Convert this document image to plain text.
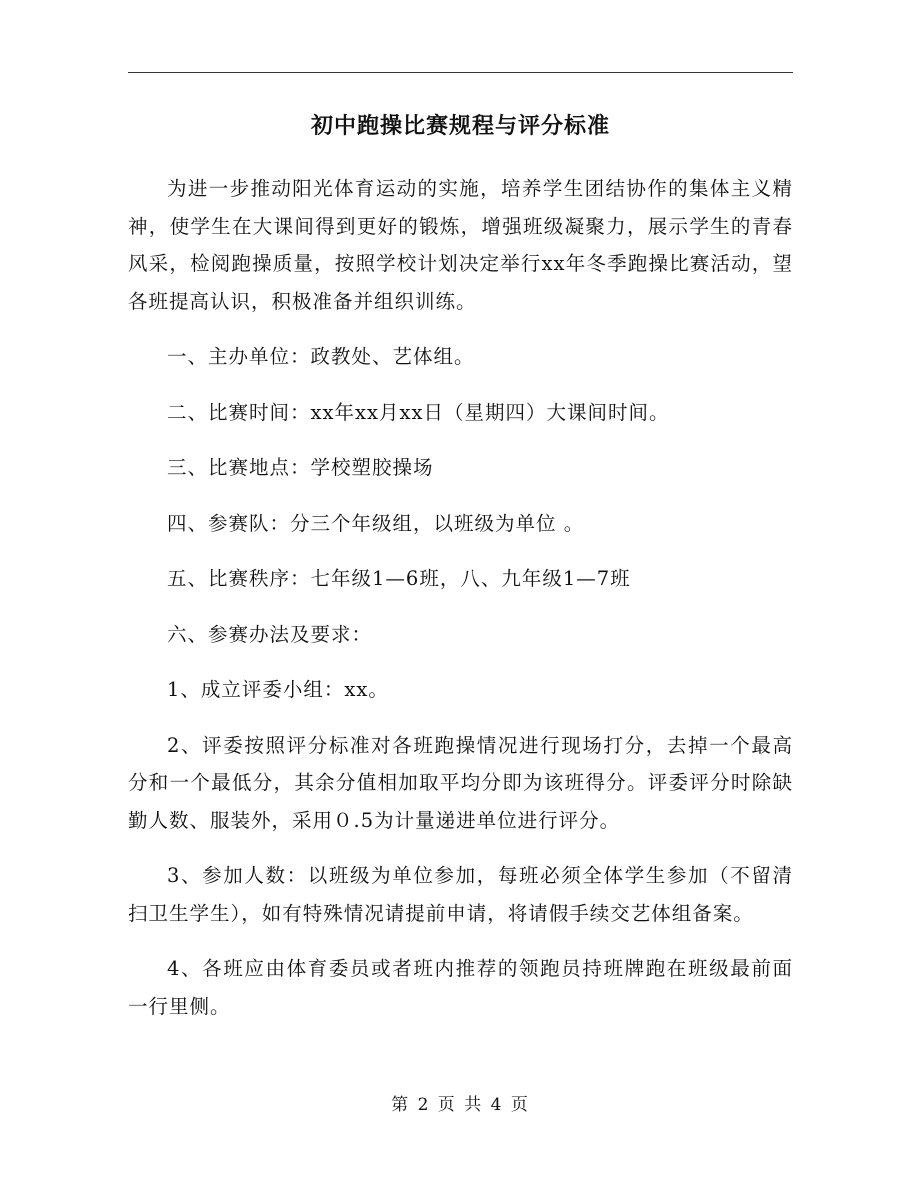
初中跑操比赛规程与评分标准

为进一步推动阳光体育运动的实施，培养学生团结协作的集体主义精神，使学生在大课间得到更好的锻炼，增强班级凝聚力，展示学生的青春风采，检阅跑操质量，按照学校计划决定举行xx年冬季跑操比赛活动，望各班提高认识，积极准备并组织训练。

一、主办单位：政教处、艺体组。

二、比赛时间：xx年xx月xx日（星期四）大课间时间。

三、比赛地点：学校塑胶操场

四、参赛队：分三个年级组，以班级为单位 。

五、比赛秩序：七年级1—6班，八、九年级1—7班

六、参赛办法及要求：

1、成立评委小组：xx。

2、评委按照评分标准对各班跑操情况进行现场打分，去掉一个最高分和一个最低分，其余分值相加取平均分即为该班得分。评委评分时除缺勤人数、服装外，采用０.5为计量递进单位进行评分。

3、参加人数：以班级为单位参加，每班必须全体学生参加（不留清扫卫生学生），如有特殊情况请提前申请，将请假手续交艺体组备案。

4、各班应由体育委员或者班内推荐的领跑员持班牌跑在班级最前面一行里侧。

第 2 页 共 4 页
